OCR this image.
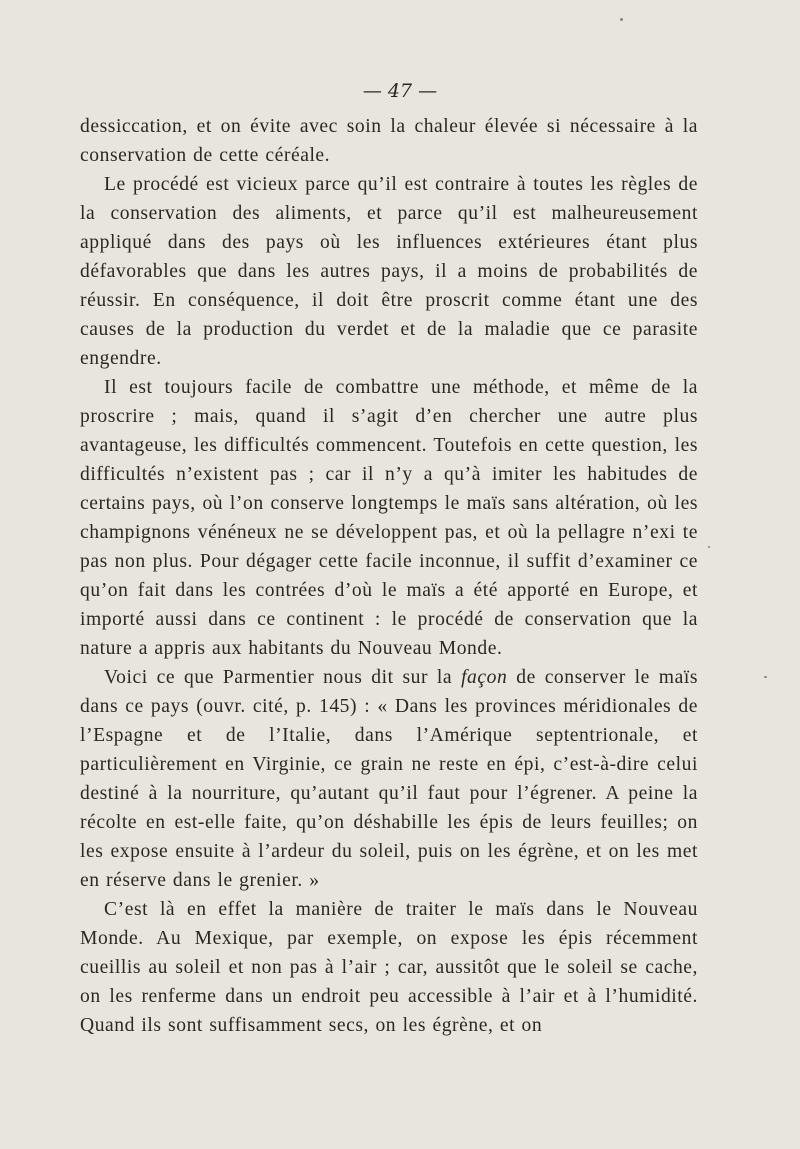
— 47 —

dessiccation, et on évite avec soin la chaleur élevée si nécessaire à la conservation de cette céréale.

Le procédé est vicieux parce qu’il est contraire à toutes les règles de la conservation des aliments, et parce qu’il est malheureusement appliqué dans des pays où les influences extérieures étant plus défavorables que dans les autres pays, il a moins de probabilités de réussir. En conséquence, il doit être proscrit comme étant une des causes de la production du verdet et de la maladie que ce parasite engendre.

Il est toujours facile de combattre une méthode, et même de la proscrire ; mais, quand il s’agit d’en chercher une autre plus avantageuse, les difficultés commencent. Toutefois en cette question, les difficultés n’existent pas ; car il n’y a qu’à imiter les habitudes de certains pays, où l’on conserve longtemps le maïs sans altération, où les champignons vénéneux ne se développent pas, et où la pellagre n’exi te pas non plus. Pour dégager cette facile inconnue, il suffit d’examiner ce qu’on fait dans les contrées d’où le maïs a été apporté en Europe, et importé aussi dans ce continent : le procédé de conservation que la nature a appris aux habitants du Nouveau Monde.

Voici ce que Parmentier nous dit sur la façon de conserver le maïs dans ce pays (ouvr. cité, p. 145) : « Dans les provinces méridionales de l’Espagne et de l’Italie, dans l’Amérique septentrionale, et particulièrement en Virginie, ce grain ne reste en épi, c’est-à-dire celui destiné à la nourriture, qu’autant qu’il faut pour l’égrener. A peine la récolte en est-elle faite, qu’on déshabille les épis de leurs feuilles; on les expose ensuite à l’ardeur du soleil, puis on les égrène, et on les met en réserve dans le grenier. »

C’est là en effet la manière de traiter le maïs dans le Nouveau Monde. Au Mexique, par exemple, on expose les épis récemment cueillis au soleil et non pas à l’air ; car, aussitôt que le soleil se cache, on les renferme dans un endroit peu accessible à l’air et à l’humidité. Quand ils sont suffisamment secs, on les égrène, et on
